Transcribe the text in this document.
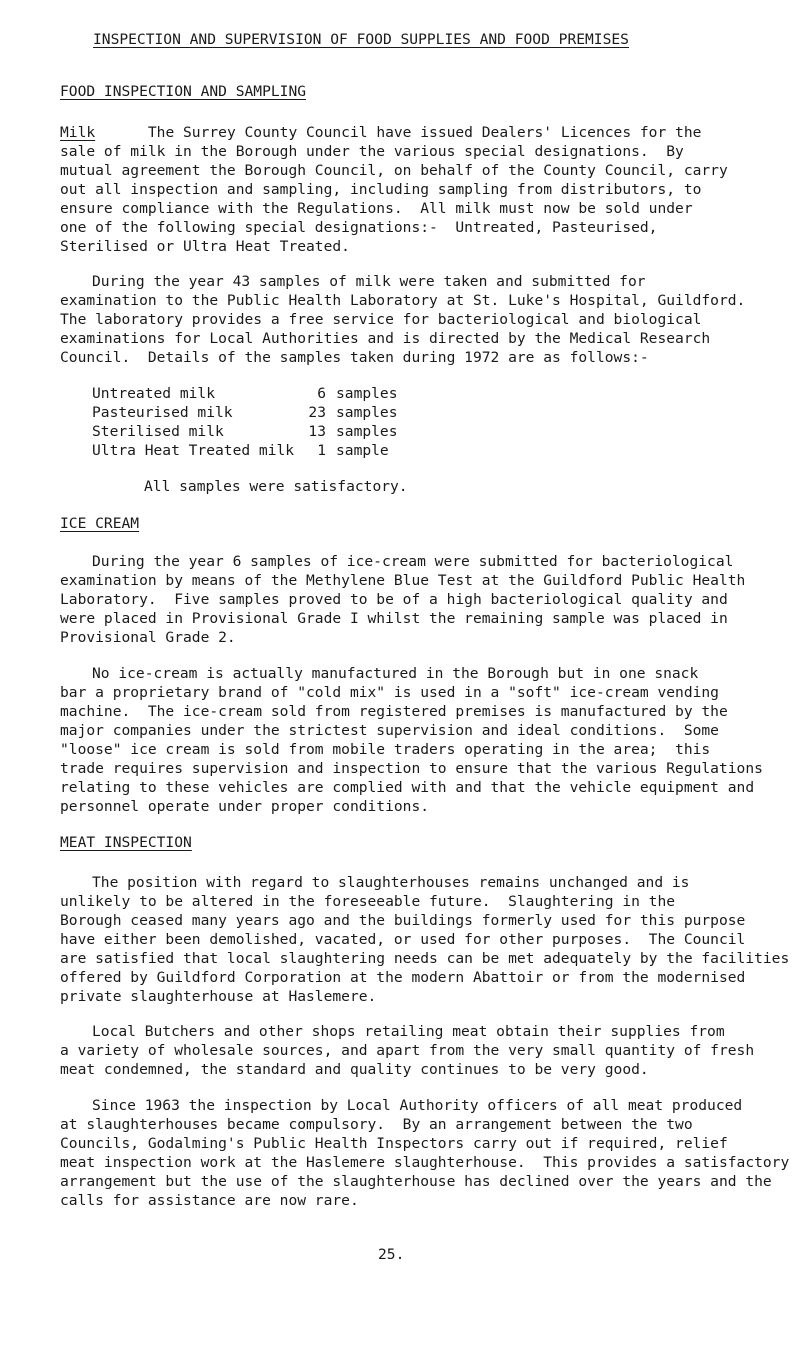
INSPECTION AND SUPERVISION OF FOOD SUPPLIES AND FOOD PREMISES
FOOD INSPECTION AND SAMPLING
Milk	The Surrey County Council have issued Dealers' Licences for the
sale of milk in the Borough under the various special designations.  By
mutual agreement the Borough Council, on behalf of the County Council, carry
out all inspection and sampling, including sampling from distributors, to
ensure compliance with the Regulations.  All milk must now be sold under
one of the following special designations:-  Untreated, Pasteurised,
Sterilised or Ultra Heat Treated.
During the year 43 samples of milk were taken and submitted for
examination to the Public Health Laboratory at St. Luke's Hospital, Guildford.
The laboratory provides a free service for bacteriological and biological
examinations for Local Authorities and is directed by the Medical Research
Council.  Details of the samples taken during 1972 are as follows:-
Untreated milk	6 samples
Pasteurised milk	23 samples
Sterilised milk	13 samples
Ultra Heat Treated milk	1 sample
All samples were satisfactory.
ICE CREAM
During the year 6 samples of ice-cream were submitted for bacteriological
examination by means of the Methylene Blue Test at the Guildford Public Health
Laboratory.  Five samples proved to be of a high bacteriological quality and
were placed in Provisional Grade I whilst the remaining sample was placed in
Provisional Grade 2.
No ice-cream is actually manufactured in the Borough but in one snack
bar a proprietary brand of "cold mix" is used in a "soft" ice-cream vending
machine.  The ice-cream sold from registered premises is manufactured by the
major companies under the strictest supervision and ideal conditions.  Some
"loose" ice cream is sold from mobile traders operating in the area;  this
trade requires supervision and inspection to ensure that the various Regulations
relating to these vehicles are complied with and that the vehicle equipment and
personnel operate under proper conditions.
MEAT INSPECTION
The position with regard to slaughterhouses remains unchanged and is
unlikely to be altered in the foreseeable future.  Slaughtering in the
Borough ceased many years ago and the buildings formerly used for this purpose
have either been demolished, vacated, or used for other purposes.  The Council
are satisfied that local slaughtering needs can be met adequately by the facilities
offered by Guildford Corporation at the modern Abattoir or from the modernised
private slaughterhouse at Haslemere.
Local Butchers and other shops retailing meat obtain their supplies from
a variety of wholesale sources, and apart from the very small quantity of fresh
meat condemned, the standard and quality continues to be very good.
Since 1963 the inspection by Local Authority officers of all meat produced
at slaughterhouses became compulsory.  By an arrangement between the two
Councils, Godalming's Public Health Inspectors carry out if required, relief
meat inspection work at the Haslemere slaughterhouse.  This provides a satisfactory
arrangement but the use of the slaughterhouse has declined over the years and the
calls for assistance are now rare.
25.
